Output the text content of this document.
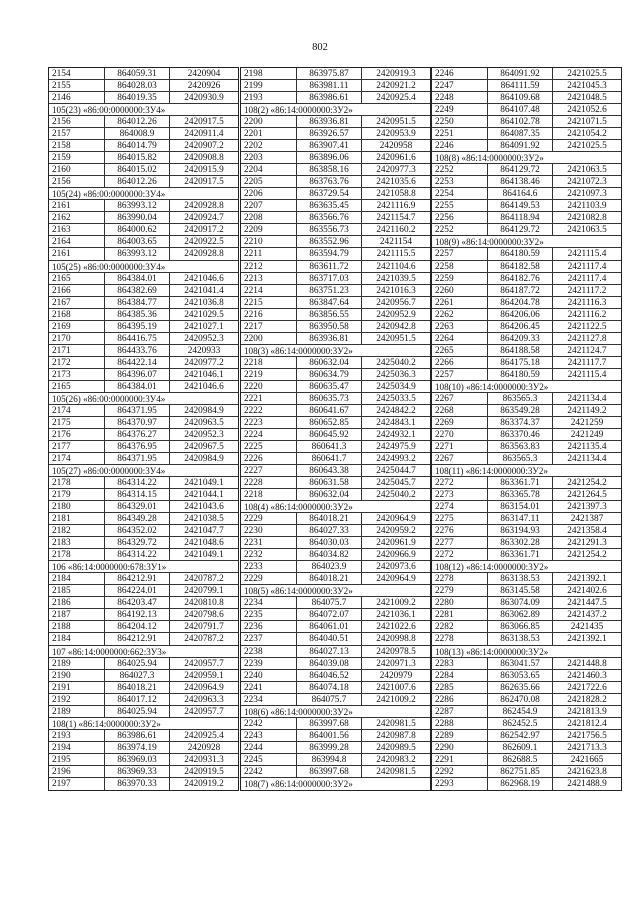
802
2154	864059.31	2420904
2155	864028.03	2420926
2146	864019.35	2420930.9
105(23) «86:00:0000000:3У4»
2156	864012.26	2420917.5
2157	864008.9	2420911.4
2158	864014.79	2420907.2
2159	864015.82	2420908.8
2160	864015.02	2420915.9
2156	864012.26	2420917.5
105(24) «86:00:0000000:3У4»
2161	863993.12	2420928.8
2162	863990.04	2420924.7
2163	864000.62	2420917.2
2164	864003.65	2420922.5
2161	863993.12	2420928.8
105(25) «86:00:0000000:3У4»
2165	864384.01	2421046.6
2166	864382.69	2421041.4
2167	864384.77	2421036.8
2168	864385.36	2421029.5
2169	864395.19	2421027.1
2170	864416.75	2420952.3
2171	864433.76	2420933
2172	864422.14	2420977.2
2173	864396.07	2421046.1
2165	864384.01	2421046.6
105(26) «86:00:0000000:3У4»
2174	864371.95	2420984.9
2175	864370.97	2420963.5
2176	864376.27	2420952.3
2177	864376.95	2420967.5
2174	864371.95	2420984.9
105(27) «86:00:0000000:3У4»
2178	864314.22	2421049.1
2179	864314.15	2421044.1
2180	864329.01	2421043.6
2181	864349.28	2421038.5
2182	864352.02	2421047.7
2183	864329.72	2421048.6
2178	864314.22	2421049.1
106 «86:14:0000000:678:3У1»
2184	864212.91	2420787.2
2185	864224.01	2420799.1
2186	864203.47	2420810.8
2187	864192.13	2420798.6
2188	864204.12	2420791.7
2184	864212.91	2420787.2
107 «86:14:0000000:662:3У3»
2189	864025.94	2420957.7
2190	864027.3	2420959.1
2191	864018.21	2420964.9
2192	864017.12	2420963.3
2189	864025.94	2420957.7
108(1) «86:14:0000000:3У2»
2193	863986.61	2420925.4
2194	863974.19	2420928
2195	863969.03	2420931.3
2196	863969.33	2420919.5
2197	863970.33	2420919.2
2198	863975.87	2420919.3
2199	863981.11	2420921.2
2193	863986.61	2420925.4
108(2) «86:14:0000000:3У2»
2200	863936.81	2420951.5
2201	863926.57	2420953.9
2202	863907.41	2420958
2203	863896.06	2420961.6
2204	863858.16	2420977.3
2205	863763.76	2421035.6
2206	863729.54	2421058.8
2207	863635.45	2421116.9
2208	863566.76	2421154.7
2209	863556.73	2421160.2
2210	863552.96	2421154
2211	863594.79	2421115.5
2212	863611.72	2421104.6
2213	863717.03	2421039.5
2214	863751.23	2421016.3
2215	863847.64	2420956.7
2216	863856.55	2420952.9
2217	863950.58	2420942.8
2200	863936.81	2420951.5
108(3) «86:14:0000000:3У2»
2218	860632.04	2425040.2
2219	860634.79	2425036.3
2220	860635.47	2425034.9
2221	860635.73	2425033.5
2222	860641.67	2424842.2
2223	860652.85	2424843.1
2224	860645.92	2424932.1
2225	860641.3	2424975.9
2226	860641.7	2424993.2
2227	860643.38	2425044.7
2228	860631.58	2425045.7
2218	860632.04	2425040.2
108(4) «86:14:0000000:3У2»
2229	864018.21	2420964.9
2230	864027.33	2420959.2
2231	864030.03	2420961.9
2232	864034.82	2420966.9
2233	864023.9	2420973.6
2229	864018.21	2420964.9
108(5) «86:14:0000000:3У2»
2234	864075.7	2421009.2
2235	864072.07	2421036.1
2236	864061.01	2421022.6
2237	864040.51	2420998.8
2238	864027.13	2420978.5
2239	864039.08	2420971.3
2240	864046.52	2420979
2241	864074.18	2421007.6
2234	864075.7	2421009.2
108(6) «86:14:0000000:3У2»
2242	863997.68	2420981.5
2243	864001.56	2420987.8
2244	863999.28	2420989.5
2245	863994.8	2420983.2
2242	863997.68	2420981.5
108(7) «86:14:0000000:3У2»
2246	864091.92	2421025.5
2247	864111.59	2421045.3
2248	864109.68	2421048.5
2249	864107.48	2421052.6
2250	864102.78	2421071.5
2251	864087.35	2421054.2
2246	864091.92	2421025.5
108(8) «86:14:0000000:3У2»
2252	864129.72	2421063.5
2253	864138.46	2421072.3
2254	864164.6	2421097.3
2255	864149.53	2421103.9
2256	864118.94	2421082.8
2252	864129.72	2421063.5
108(9) «86:14:0000000:3У2»
2257	864180.59	2421115.4
2258	864182.58	2421117.4
2259	864182.76	2421117.4
2260	864187.72	2421117.2
2261	864204.78	2421116.3
2262	864206.06	2421116.2
2263	864206.45	2421122.5
2264	864209.33	2421127.8
2265	864188.58	2421124.7
2266	864175.18	2421117.7
2257	864180.59	2421115.4
108(10) «86:14:0000000:3У2»
2267	863565.3	2421134.4
2268	863549.28	2421149.2
2269	863374.37	2421259
2270	863370.46	2421249
2271	863563.83	2421135.4
2267	863565.3	2421134.4
108(11) «86:14:0000000:3У2»
2272	863361.71	2421254.2
2273	863365.78	2421264.5
2274	863154.01	2421397.3
2275	863147.11	2421387
2276	863194.93	2421358.4
2277	863302.28	2421291.3
2272	863361.71	2421254.2
108(12) «86:14:0000000:3У2»
2278	863138.53	2421392.1
2279	863145.58	2421402.6
2280	863074.09	2421447.5
2281	863062.89	2421437.2
2282	863066.85	2421435
2278	863138.53	2421392.1
108(13) «86:14:0000000:3У2»
2283	863041.57	2421448.8
2284	863053.65	2421460.3
2285	862635.66	2421722.6
2286	862470.08	2421828.2
2287	862454.9	2421813.9
2288	862452.5	2421812.4
2289	862542.97	2421756.5
2290	862609.1	2421713.3
2291	862688.5	2421665
2292	862751.85	2421623.8
2293	862968.19	2421488.9
